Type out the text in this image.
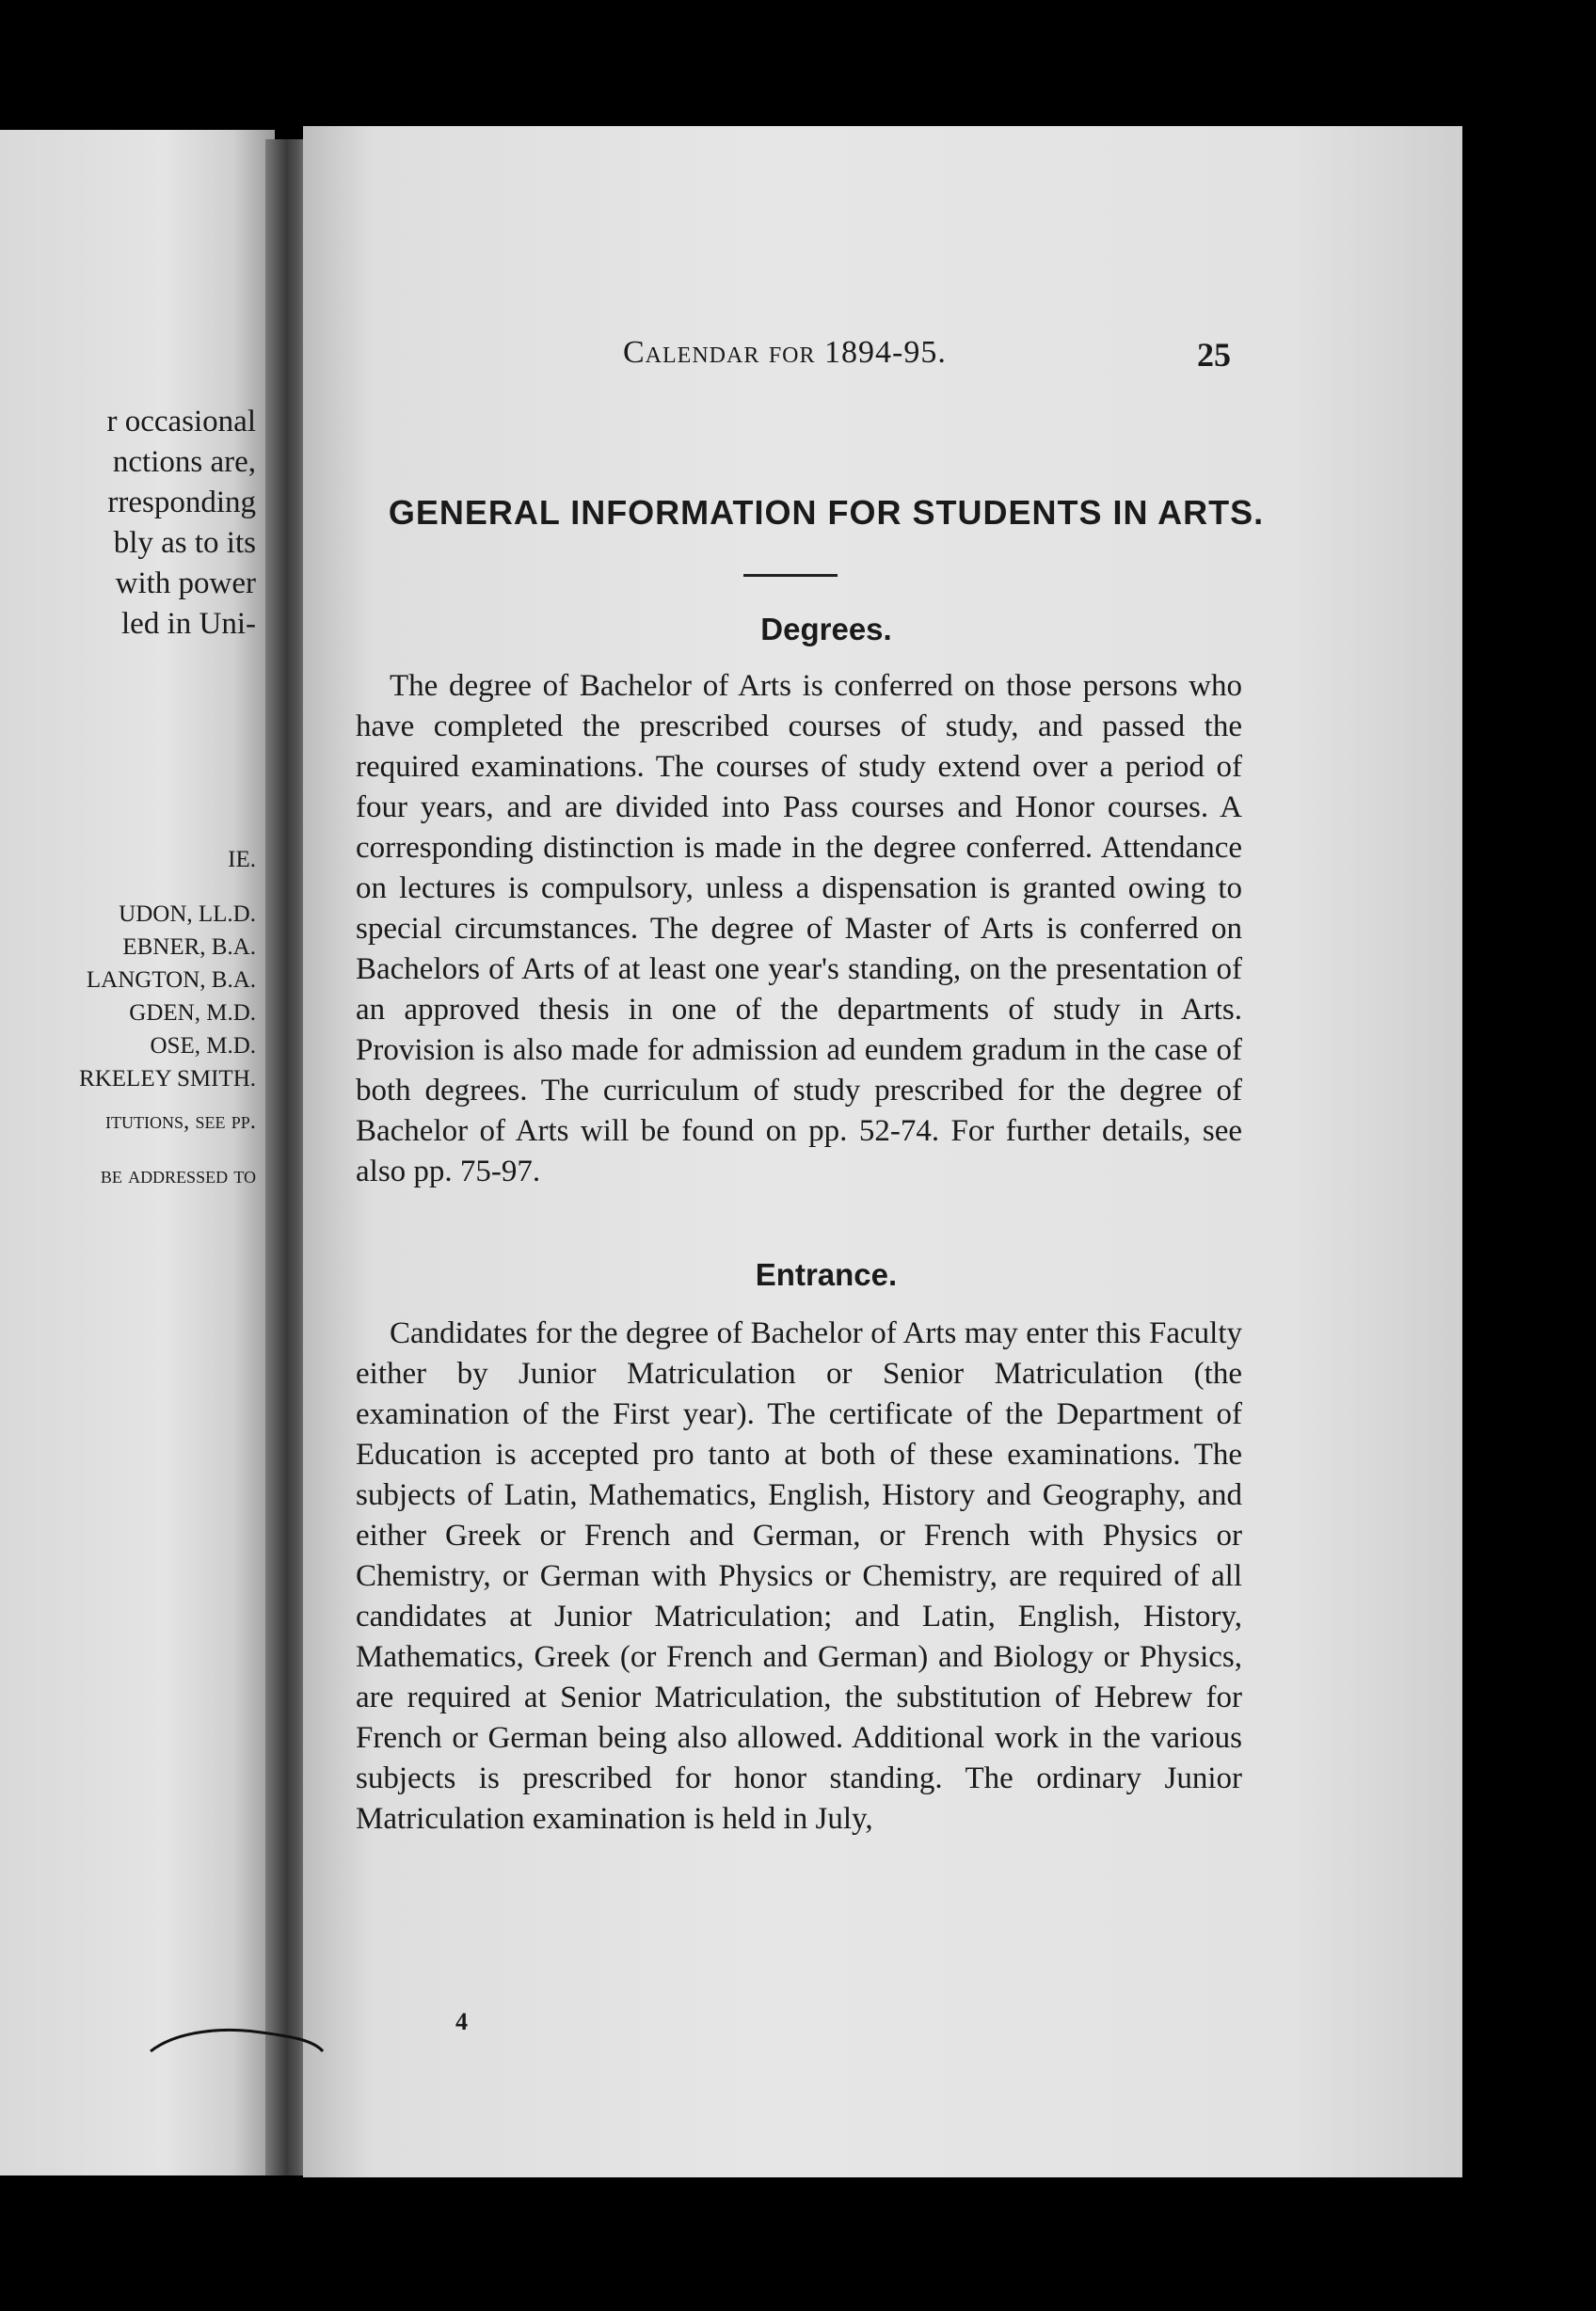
r occasional
nctions are,
rresponding
bly as to its
with power
led in Uni-
IE.
UDON, LL.D.
EBNER, B.A.
LANGTON, B.A.
GDEN, M.D.
OSE, M.D.
RKELEY SMITH.
itutions, see pp.
be addressed to
Calendar for 1894-95.	25
GENERAL INFORMATION FOR STUDENTS IN ARTS.
Degrees.

The degree of Bachelor of Arts is conferred on those persons who have completed the prescribed courses of study, and passed the required examinations. The courses of study extend over a period of four years, and are divided into Pass courses and Honor courses. A corresponding distinction is made in the degree conferred. Attendance on lectures is compulsory, unless a dispensation is granted owing to special circumstances. The degree of Master of Arts is conferred on Bachelors of Arts of at least one year's standing, on the presentation of an approved thesis in one of the departments of study in Arts. Provision is also made for admission ad eundem gradum in the case of both degrees. The curriculum of study prescribed for the degree of Bachelor of Arts will be found on pp. 52-74. For further details, see also pp. 75-97.

Entrance.

Candidates for the degree of Bachelor of Arts may enter this Faculty either by Junior Matriculation or Senior Matriculation (the examination of the First year). The certificate of the Department of Education is accepted pro tanto at both of these examinations. The subjects of Latin, Mathematics, English, History and Geography, and either Greek or French and German, or French with Physics or Chemistry, or German with Physics or Chemistry, are required of all candidates at Junior Matriculation; and Latin, English, History, Mathematics, Greek (or French and German) and Biology or Physics, are required at Senior Matriculation, the substitution of Hebrew for French or German being also allowed. Additional work in the various subjects is prescribed for honor standing. The ordinary Junior Matriculation examination is held in July,

4
